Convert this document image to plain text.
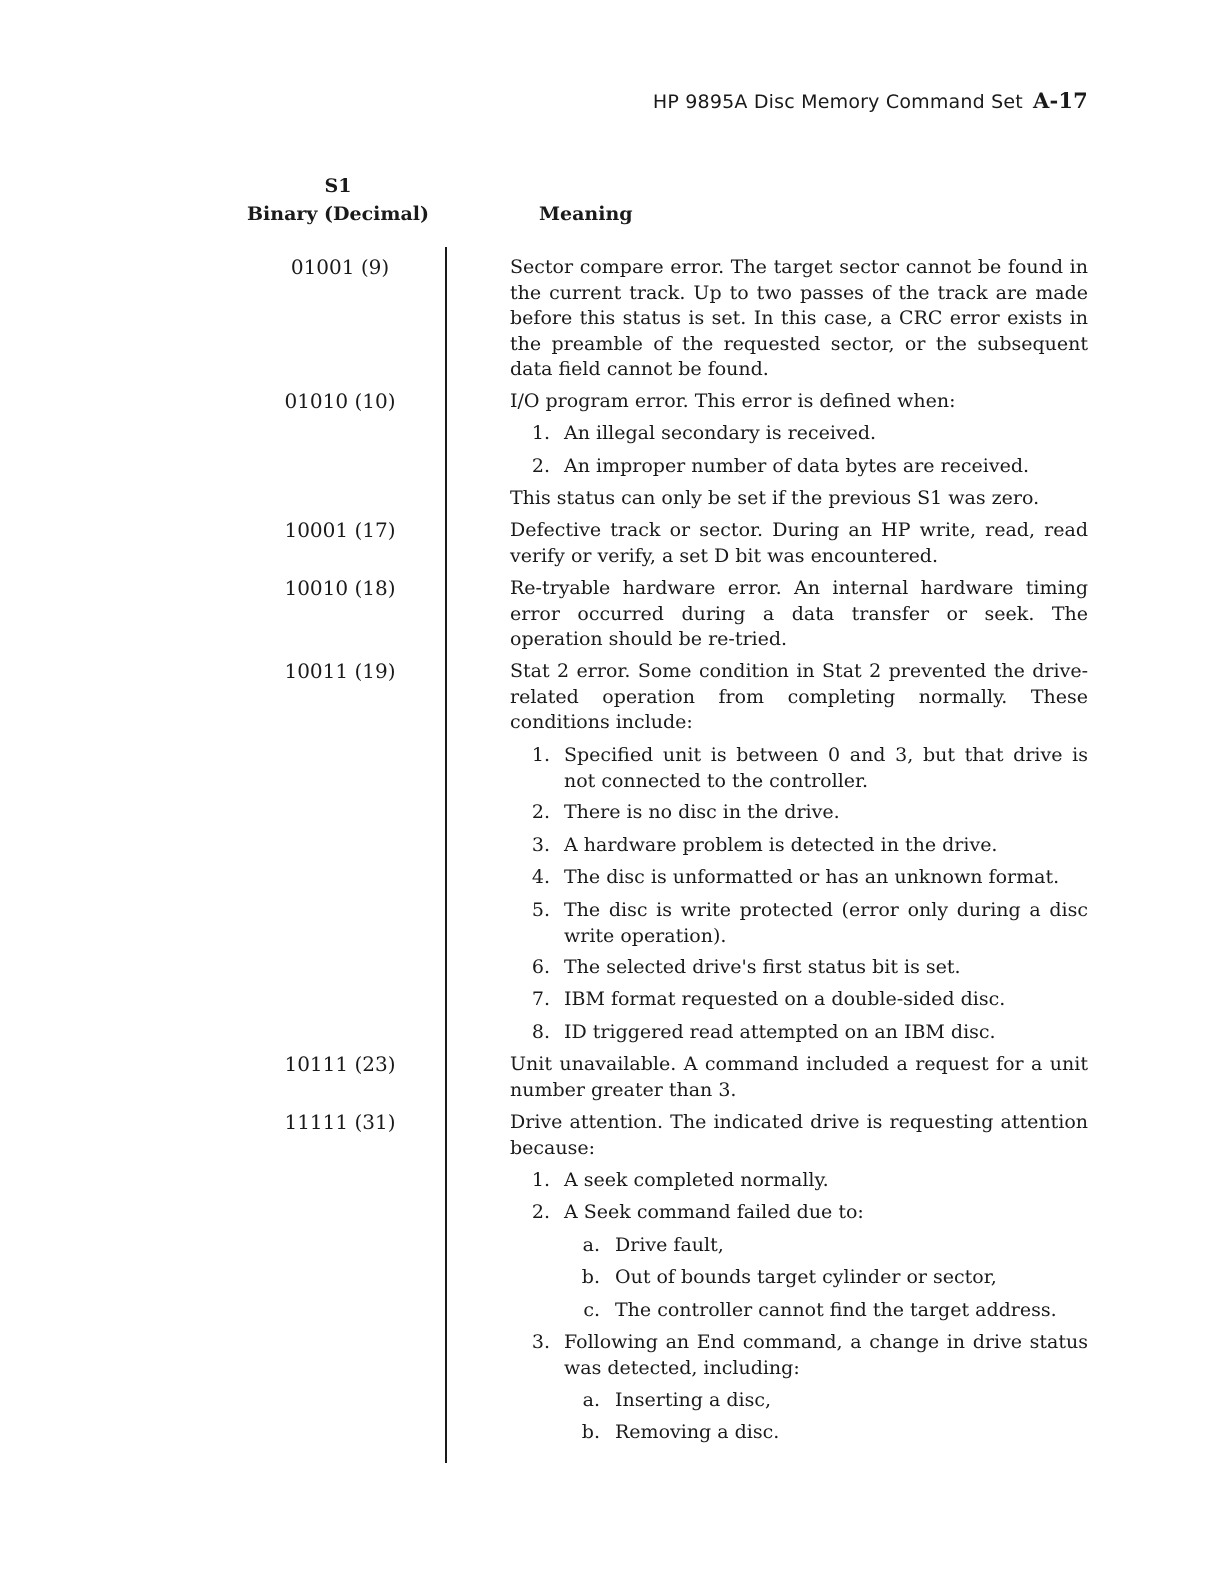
HP 9895A Disc Memory Command Set A-17
S1
Binary (Decimal)	Meaning
01001 (9)	Sector compare error. The target sector cannot be found in the current track. Up to two passes of the track are made before this status is set. In this case, a CRC error exists in the preamble of the requested sector, or the subsequent data field cannot be found.
01010 (10)	I/O program error. This error is defined when:
1. An illegal secondary is received.
2. An improper number of data bytes are received.
This status can only be set if the previous S1 was zero.
10001 (17)	Defective track or sector. During an HP write, read, read verify or verify, a set D bit was encountered.
10010 (18)	Re-tryable hardware error. An internal hardware timing error occurred during a data transfer or seek. The operation should be re-tried.
10011 (19)	Stat 2 error. Some condition in Stat 2 prevented the drive-related operation from completing normally. These conditions include:
1. Specified unit is between 0 and 3, but that drive is not connected to the controller.
2. There is no disc in the drive.
3. A hardware problem is detected in the drive.
4. The disc is unformatted or has an unknown format.
5. The disc is write protected (error only during a disc write operation).
6. The selected drive's first status bit is set.
7. IBM format requested on a double-sided disc.
8. ID triggered read attempted on an IBM disc.
10111 (23)	Unit unavailable. A command included a request for a unit number greater than 3.
11111 (31)	Drive attention. The indicated drive is requesting attention because:
1. A seek completed normally.
2. A Seek command failed due to:
a. Drive fault,
b. Out of bounds target cylinder or sector,
c. The controller cannot find the target address.
3. Following an End command, a change in drive status was detected, including:
a. Inserting a disc,
b. Removing a disc.
